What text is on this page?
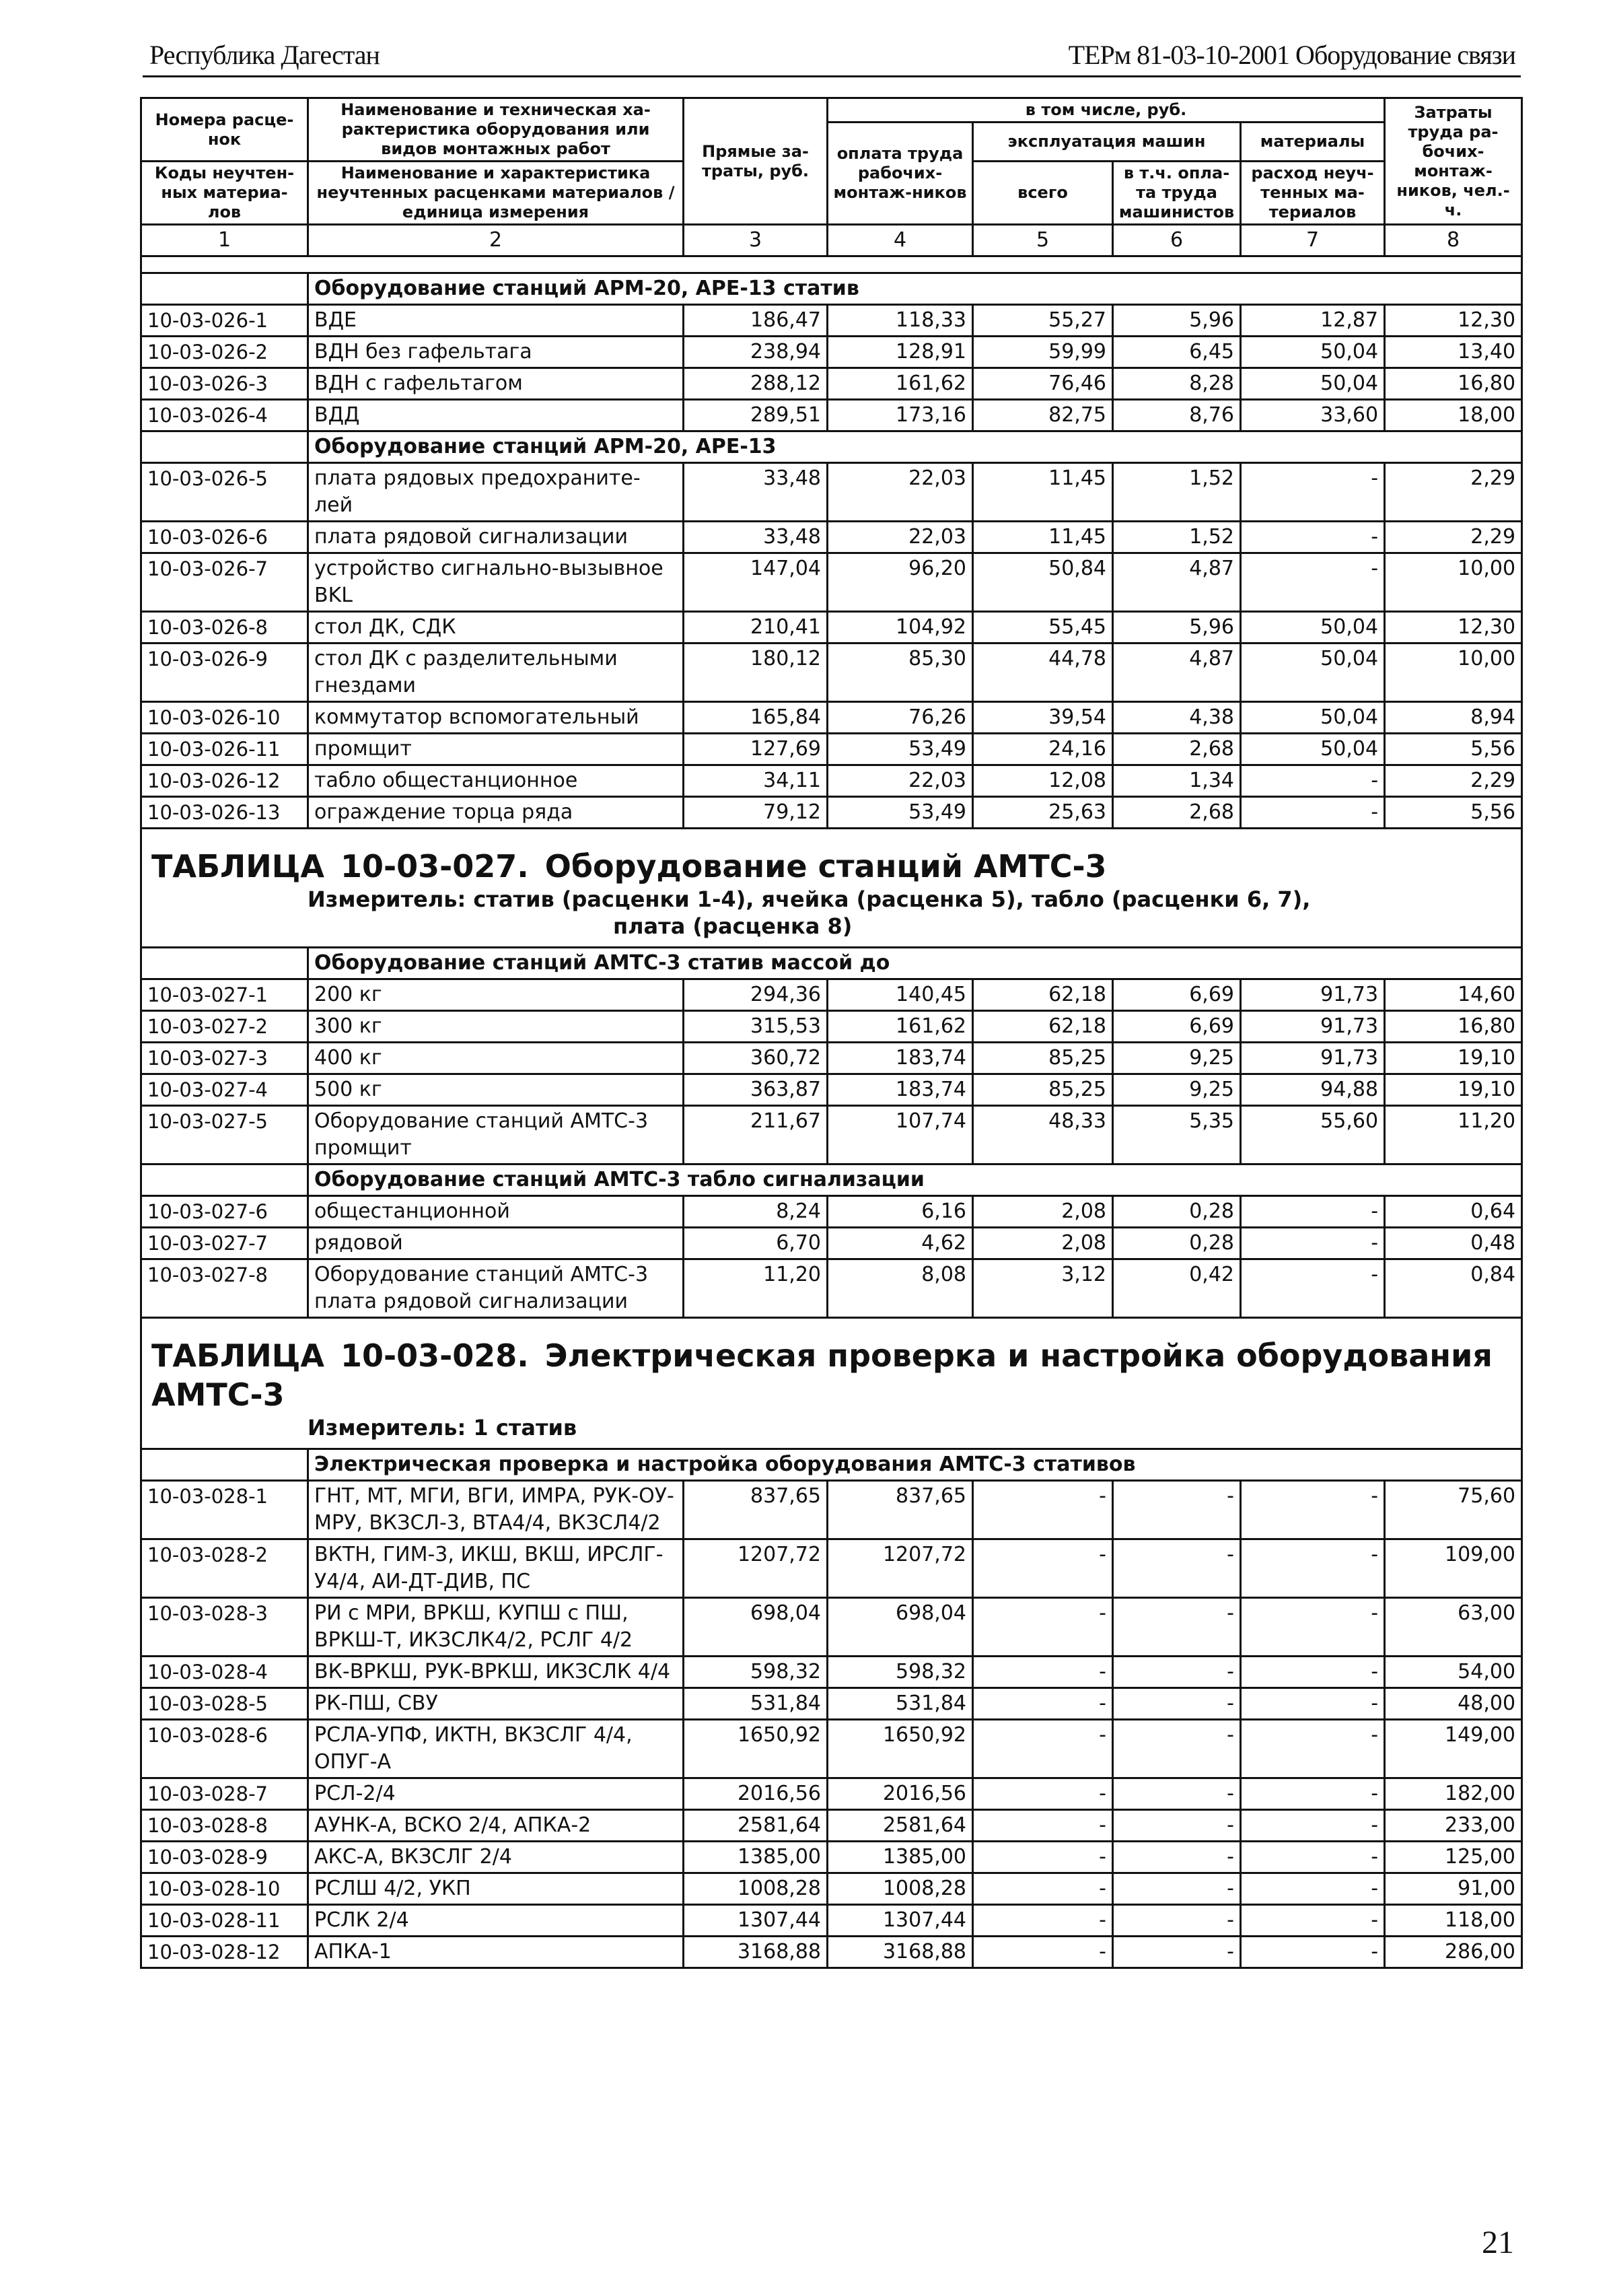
Республика Дагестан	ТЕРм 81-03-10-2001 Оборудование связи
Номера расце-нок	Наименование и техническая ха-рактеристика оборудования или видов монтажных работ	Прямые за-траты, руб.	в том числе, руб.				Затраты труда ра-бочих-монтаж-ников, чел.-ч.
			оплата труда рабочих-монтаж-ников	эксплуатация машин		материалы	
Коды неучтен-ных материа-лов	Наименование и характеристика неучтенных расценками материалов / единица измерения			всего	в т.ч. опла-та труда машинистов	расход неуч-тенных ма-териалов	

1	2	3	4	5	6	7	8

	Оборудование станций АРМ-20, АРЕ-13 статив						
10-03-026-1	ВДЕ	186,47	118,33	55,27	5,96	12,87	12,30
10-03-026-2	ВДН без гафельтага	238,94	128,91	59,99	6,45	50,04	13,40
10-03-026-3	ВДН с гафельтагом	288,12	161,62	76,46	8,28	50,04	16,80
10-03-026-4	ВДД	289,51	173,16	82,75	8,76	33,60	18,00
	Оборудование станций АРМ-20, АРЕ-13						
10-03-026-5	плата рядовых предохраните-лей	33,48	22,03	11,45	1,52	-	2,29
10-03-026-6	плата рядовой сигнализации	33,48	22,03	11,45	1,52	-	2,29
10-03-026-7	устройство сигнально-вызывное BKL	147,04	96,20	50,84	4,87	-	10,00
10-03-026-8	стол ДК, СДК	210,41	104,92	55,45	5,96	50,04	12,30
10-03-026-9	стол ДК с разделительными гнездами	180,12	85,30	44,78	4,87	50,04	10,00
10-03-026-10	коммутатор вспомогательный	165,84	76,26	39,54	4,38	50,04	8,94
10-03-026-11	промщит	127,69	53,49	24,16	2,68	50,04	5,56
10-03-026-12	табло общестанционное	34,11	22,03	12,08	1,34	-	2,29
10-03-026-13	ограждение торца ряда	79,12	53,49	25,63	2,68	-	5,56

ТАБЛИЦА 10-03-027. Оборудование станций АМТС-3
Измеритель: статив (расценки 1-4), ячейка (расценка 5), табло (расценки 6, 7),
плата (расценка 8)							

	Оборудование станций АМТС-3 статив массой до						
10-03-027-1	200 кг	294,36	140,45	62,18	6,69	91,73	14,60
10-03-027-2	300 кг	315,53	161,62	62,18	6,69	91,73	16,80
10-03-027-3	400 кг	360,72	183,74	85,25	9,25	91,73	19,10
10-03-027-4	500 кг	363,87	183,74	85,25	9,25	94,88	19,10
10-03-027-5	Оборудование станций АМТС-3 промщит	211,67	107,74	48,33	5,35	55,60	11,20
	Оборудование станций АМТС-3 табло сигнализации						
10-03-027-6	общестанционной	8,24	6,16	2,08	0,28	-	0,64
10-03-027-7	рядовой	6,70	4,62	2,08	0,28	-	0,48
10-03-027-8	Оборудование станций АМТС-3 плата рядовой сигнализации	11,20	8,08	3,12	0,42	-	0,84

ТАБЛИЦА 10-03-028. Электрическая проверка и настройка оборудования АМТС-3
Измеритель: 1 статив							

	Электрическая проверка и настройка оборудования АМТС-3 стативов						
10-03-028-1	ГНТ, МТ, МГИ, ВГИ, ИМРА, РУК-ОУ-МРУ, ВКЗСЛ-3, ВТА4/4, ВКЗСЛ4/2	837,65	837,65	-	-	-	75,60
10-03-028-2	ВКТН, ГИМ-3, ИКШ, ВКШ, ИРСЛГ-У4/4, АИ-ДТ-ДИВ, ПС	1207,72	1207,72	-	-	-	109,00
10-03-028-3	РИ с МРИ, ВРКШ, КУПШ с ПШ, ВРКШ-Т, ИКЗСЛК4/2, РСЛГ 4/2	698,04	698,04	-	-	-	63,00
10-03-028-4	ВК-ВРКШ, РУК-ВРКШ, ИКЗСЛК 4/4	598,32	598,32	-	-	-	54,00
10-03-028-5	РК-ПШ, СВУ	531,84	531,84	-	-	-	48,00
10-03-028-6	РСЛА-УПФ, ИКТН, ВКЗСЛГ 4/4, ОПУГ-А	1650,92	1650,92	-	-	-	149,00
10-03-028-7	РСЛ-2/4	2016,56	2016,56	-	-	-	182,00
10-03-028-8	АУНК-А, ВСКО 2/4, АПКА-2	2581,64	2581,64	-	-	-	233,00
10-03-028-9	АКС-А, ВКЗСЛГ 2/4	1385,00	1385,00	-	-	-	125,00
10-03-028-10	РСЛШ 4/2, УКП	1008,28	1008,28	-	-	-	91,00
10-03-028-11	РСЛК 2/4	1307,44	1307,44	-	-	-	118,00
10-03-028-12	АПКА-1	3168,88	3168,88	-	-	-	286,00
21
